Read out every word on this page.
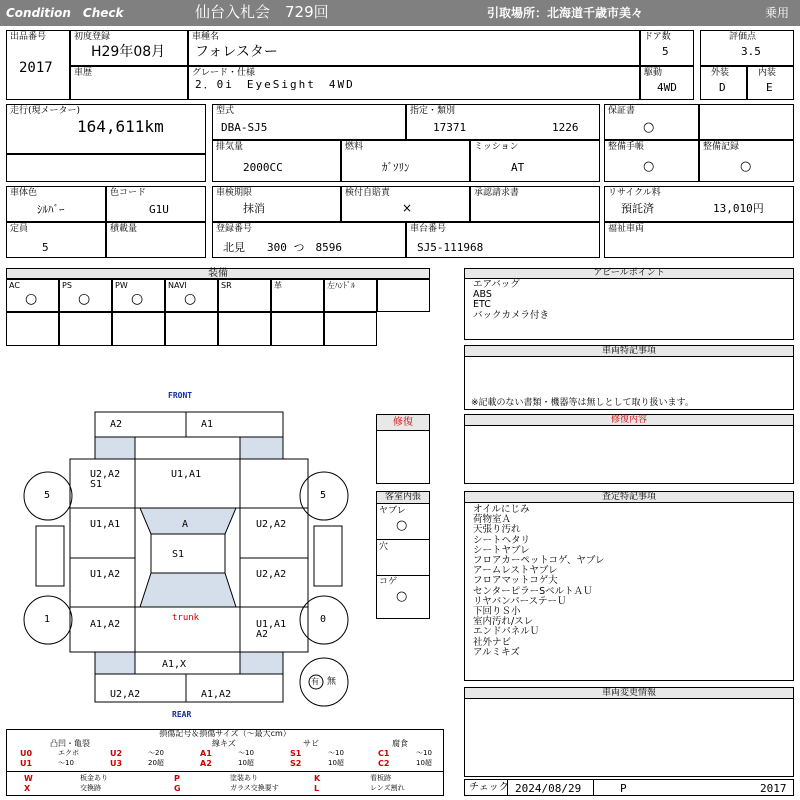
Condition　Check	仙台入札会　729回	引取場所：北海道千歳市美々	乗用
出品番号
2017
初度登録
H29年08月
車歴
車種名
フォレスター
グレード・仕様
2．0i　EyeSight　4WD
ドア数
5
駆動
4WD
評価点
3.5
外装
D
内装
E
走行(現メーター)
164,611km
型式
DBA-SJ5
指定・類別
17371	1226
排気量
2000CC
燃料
ｶﾞｿﾘﾝ
ミッション
AT
保証書
○
整備手帳
○
整備記録
○
車体色
ｼﾙﾊﾞｰ
色コード
G1U
定員
5
積載量
車検期限
抹消
検付自賠責
×
承認請求書
登録番号
北見　　300 つ　8596
車台番号
SJ5-111968
リサイクル料
預託済	13,010円
福祉車両
装備
AC
○
PS
○
PW
○
NAVI
○
SR	革	左ﾊﾝﾄﾞﾙ
FRONT
REAR
A2	A1
U2,A2
S1
U1,A1
U1,A1	A	U2,A2
S1
U1,A2	U2,A2
A1,A2
trunk
U1,A1
A2
A1,X
U2,A2	A1,A2
5	5
1	0
有 無
修復
客室内張
ヤブレ
○
穴
コゲ
○
アピールポイント
エアバッグ
ABS
ETC
バックカメラ付き
車両特記事項
※記載のない書類・機器等は無しとして取り扱います。
修復内容
査定特記事項
オイルにじみ
荷物室Ａ
天張り汚れ
シートヘタリ
シートヤブレ
フロアカーペットコゲ、ヤブレ
アームレストヤブレ
フロアマットコゲ大
センターピラーSベルトＡＵ
リヤバンパーステーＵ
下回りＳ小
室内汚れ/スレ
エンドパネルＵ
社外ナビ
アルミキズ
車両変更情報
チェック 2024/08/29	P	2017
損傷記号＆損傷サイズ（〜最大cm）
凸凹・亀裂	線キズ	サビ	腐食
U0	エクボ	U2	〜20	A1	〜10	S1	〜10	C1	〜10
U1	〜10	U3	20超	A2	10超	S2	10超	C2	10超
W	板金あり	P	塗装あり	K	看板跡
X	交換跡	G	ガラス交換要す	L	レンズ割れ
